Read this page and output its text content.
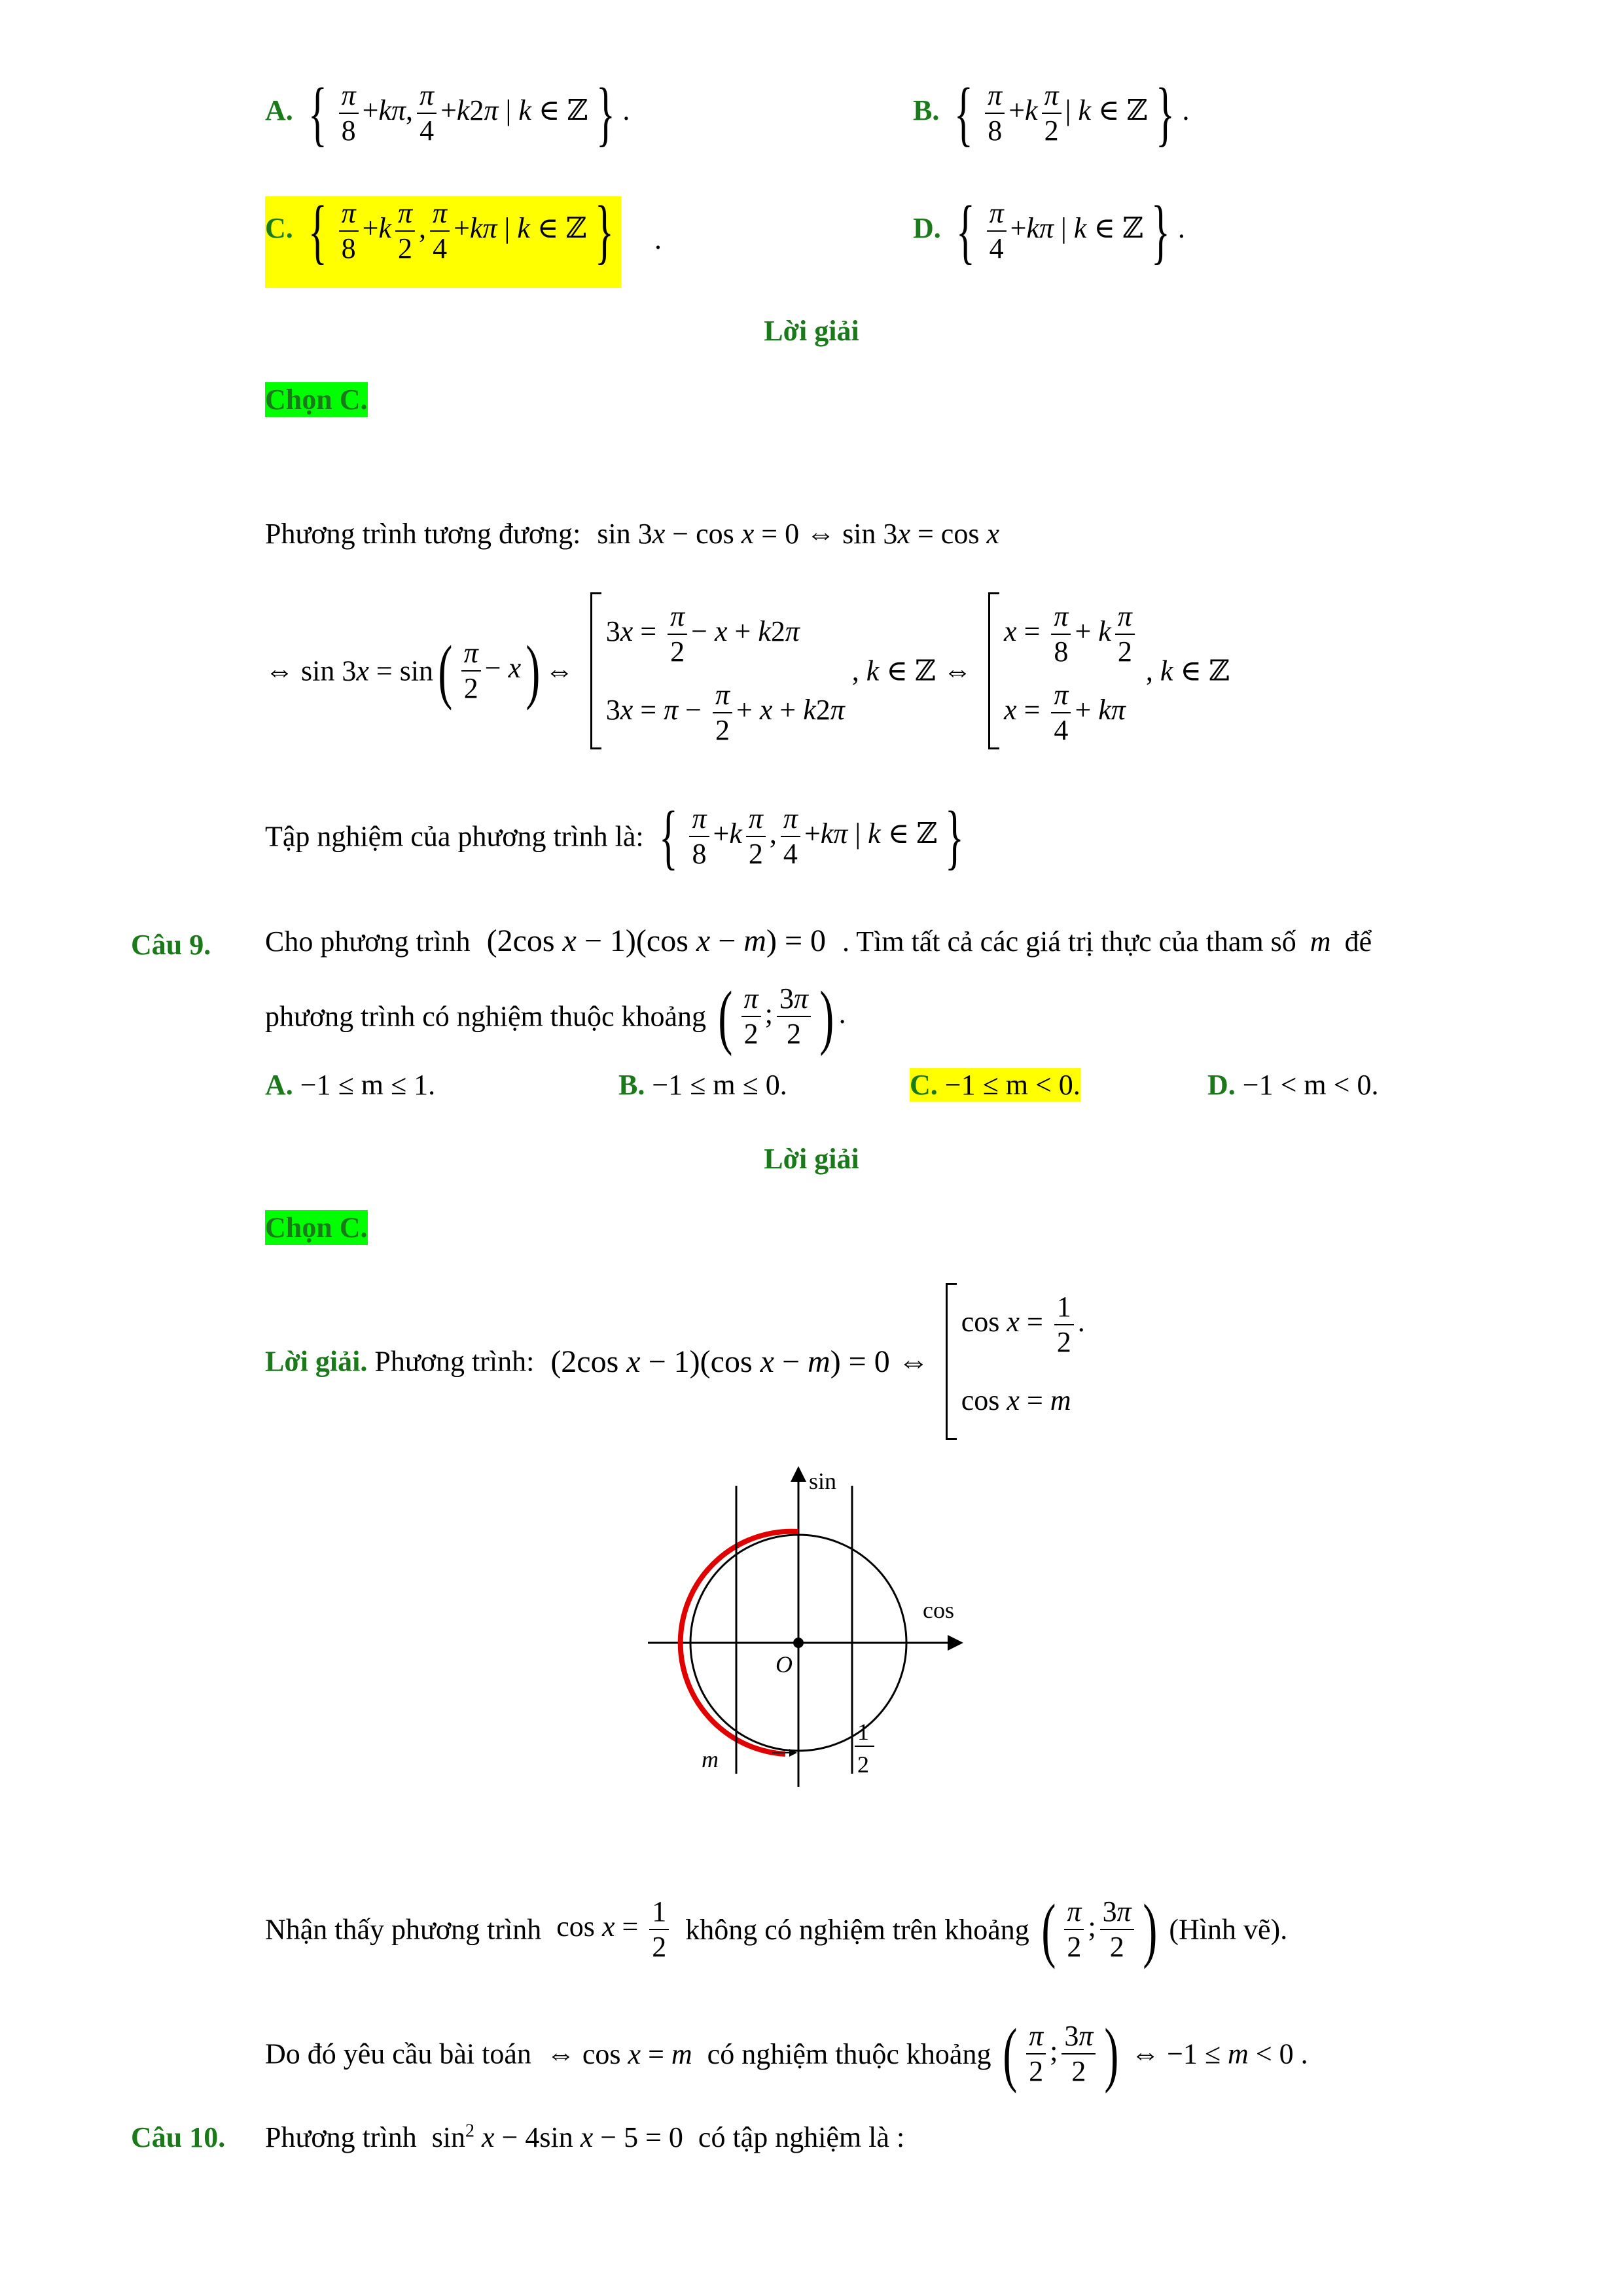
A. { $\frac{\pi}{8} +k\pi$, $\frac{\pi}{4} +k2\pi$ | k ∈ ℤ } .	B. { $\frac{\pi}{8} +k \frac{\pi}{2}$ | k ∈ ℤ } .
C. { $\frac{\pi}{8} +k \frac{\pi}{2}$ , $\frac{\pi}{4} +k\pi$ | k ∈ ℤ } .	D. { $\frac{\pi}{4} +k\pi$ | k ∈ ℤ } .
Lời giải
Chọn C.
Phương trình tương đương: sin 3x − cos x = 0 ⇔ sin 3x = cos x
⇔ $\sin 3x = \sin( \frac{\pi}{2} - x)$ ⇔
$3x = \frac{\pi}{2} - x + k2\pi$
$3x = \pi - \frac{\pi}{2} + x + k2\pi$
, k ∈ ℤ ⇔
$x = \frac{\pi}{8} + k \frac{\pi}{2}$
$x = \frac{\pi}{4} + k\pi$
, k ∈ ℤ
Tập nghiệm của phương trình là: { $\frac{\pi}{8} +k \frac{\pi}{2}$ , $\frac{\pi}{4} +k\pi$ | k ∈ ℤ }
Câu 9. Cho phương trình (2cos x − 1)(cos x − m) = 0 . Tìm tất cả các giá trị thực của tham số m để
phương trình có nghiệm thuộc khoảng ( $\frac{\pi}{2}$ ; $\frac{3\pi}{2}$ ) .
A. −1 ≤ m ≤ 1.	B. −1 ≤ m ≤ 0.	C. −1 ≤ m < 0.	D. −1 < m < 0.
Lời giải
Chọn C.
Lời giải. Phương trình: (2cos x − 1)(cos x − m) = 0 ⇔
$\cos x = \frac{1}{2}$ .
cos x = m
sin
cos
O
m
1
2
Nhận thấy phương trình $\cos x = \frac{1}{2}$ không có nghiệm trên khoảng ( $\frac{\pi}{2}$ ; $\frac{3\pi}{2}$ ) (Hình vẽ).
Do đó yêu cầu bài toán ⇔ cos x = m có nghiệm thuộc khoảng ( $\frac{\pi}{2}$ ; $\frac{3\pi}{2}$ ) ⇔ −1 ≤ m < 0 .
Câu 10. Phương trình $\sin^2 x - 4\sin$ x − 5 = 0 có tập nghiệm là :
